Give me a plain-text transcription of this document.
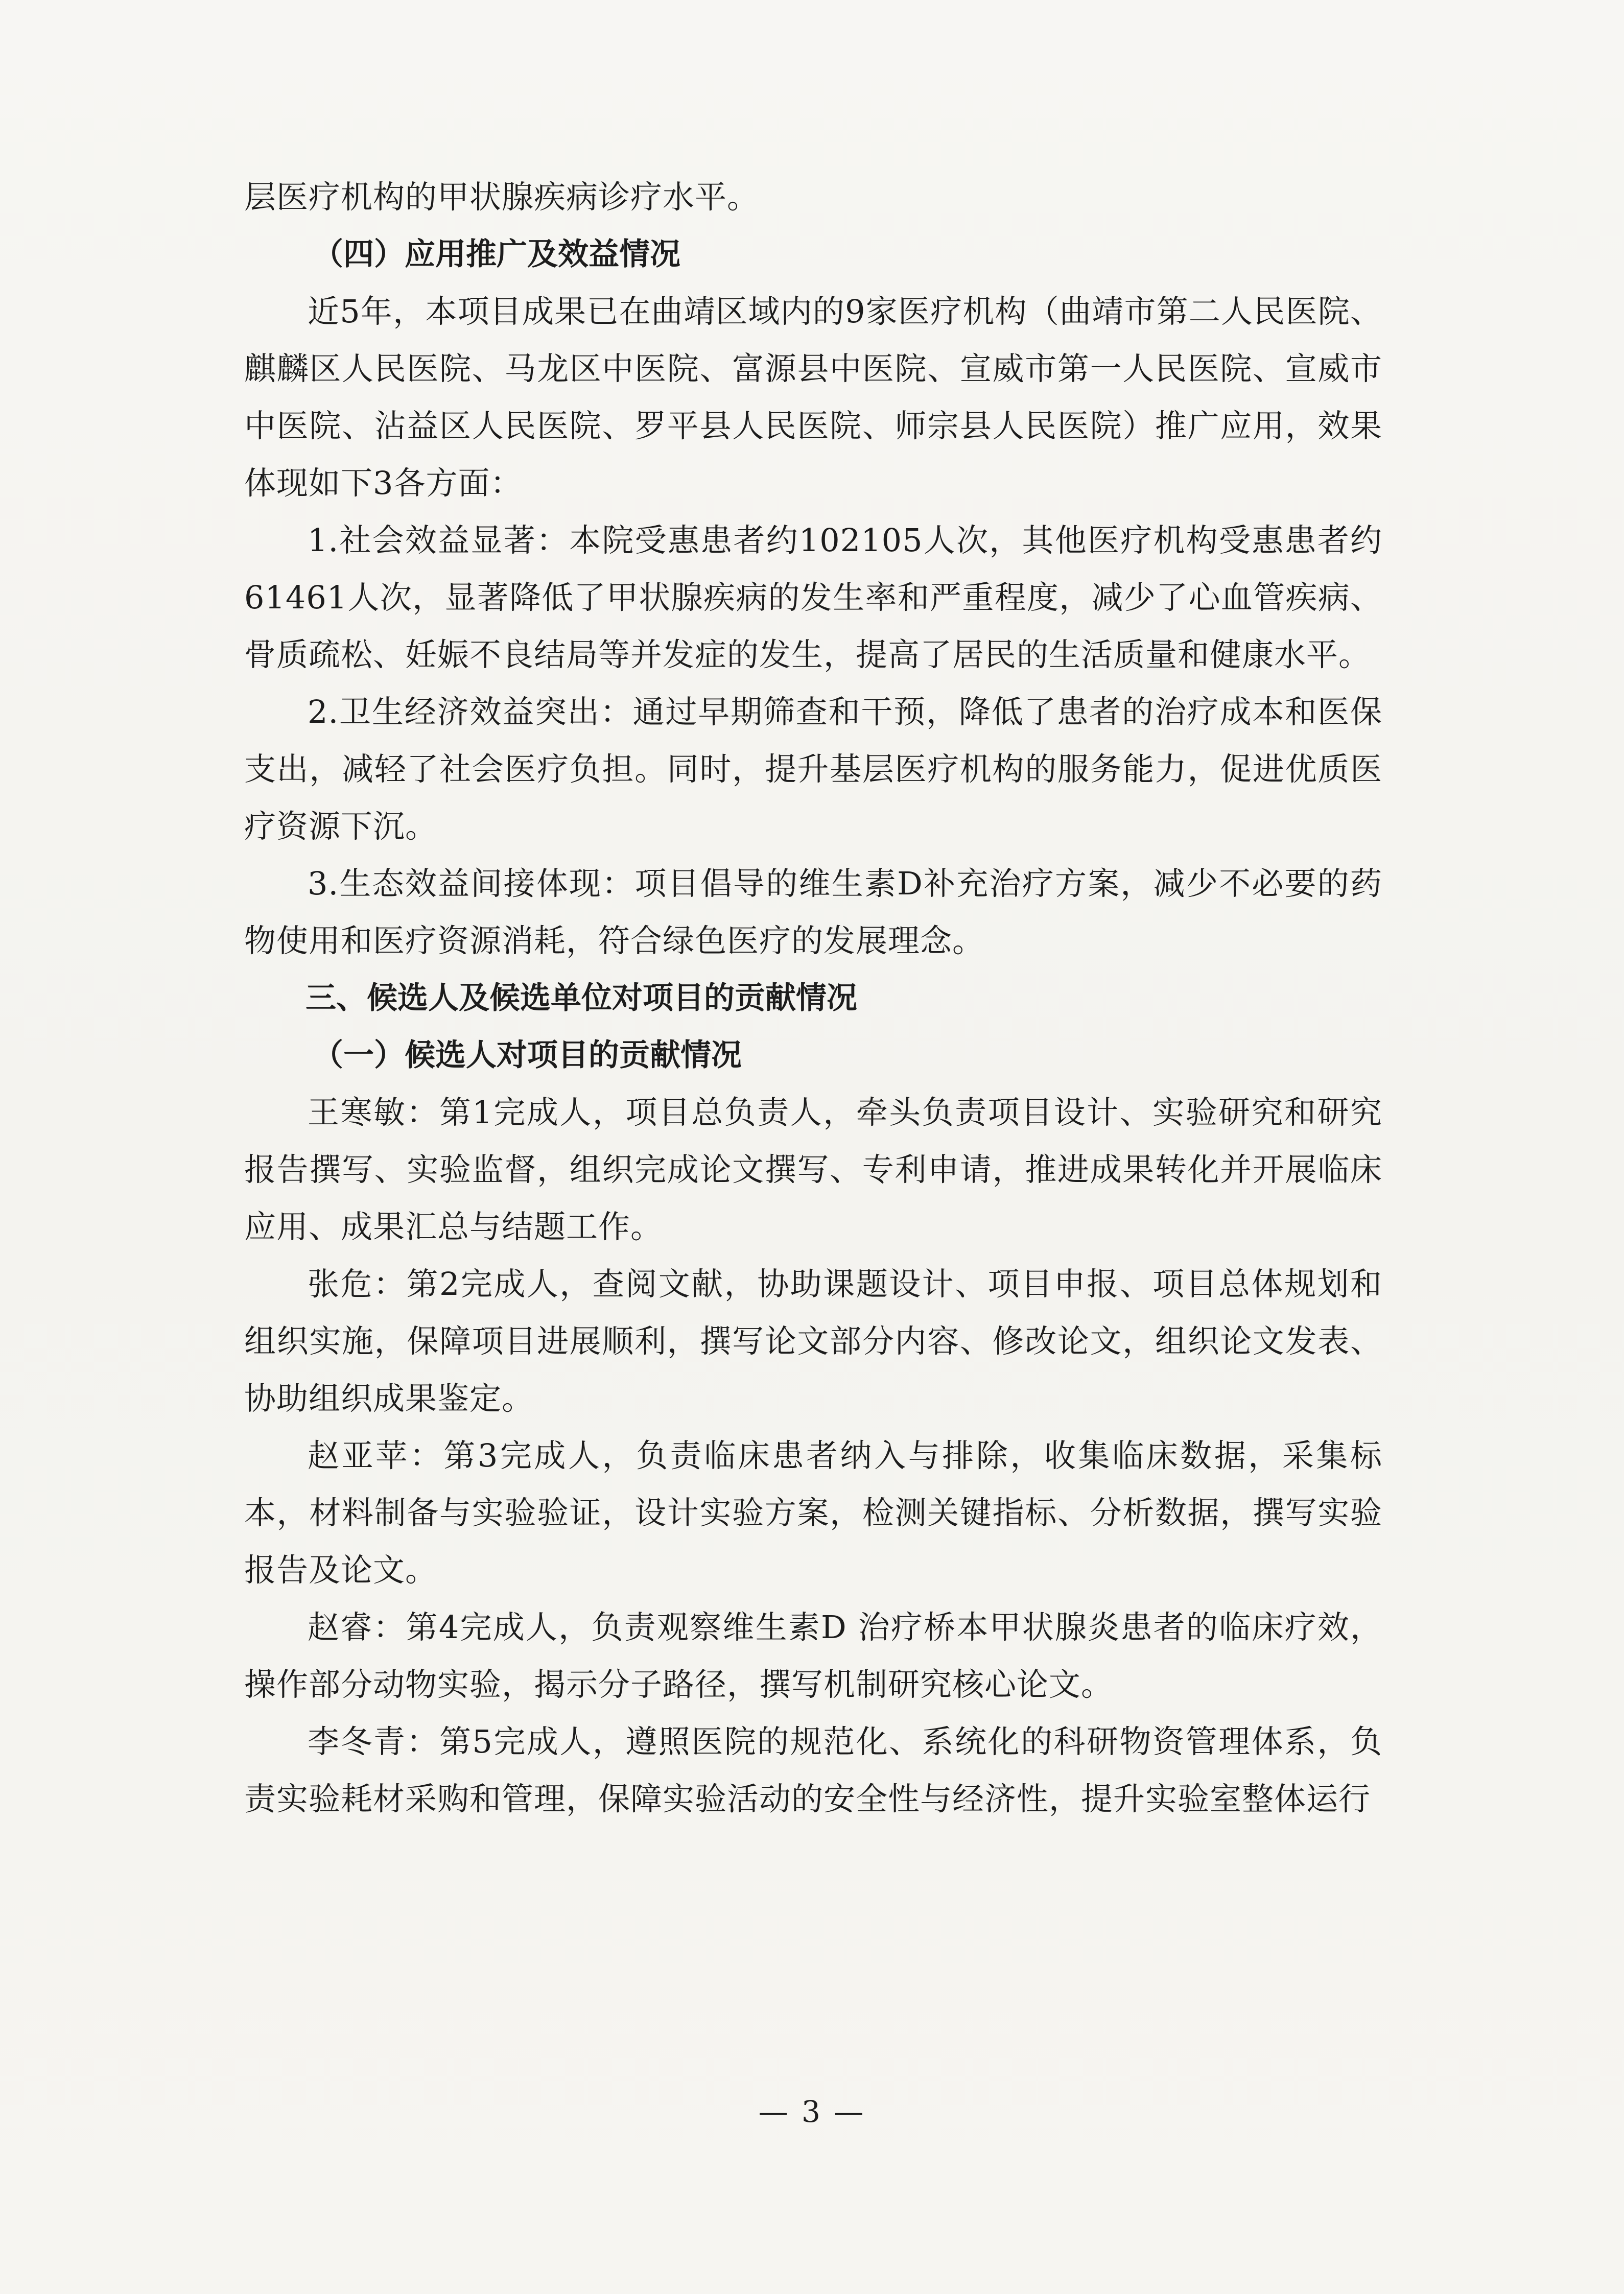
层医疗机构的甲状腺疾病诊疗水平。

（四）应用推广及效益情况

近5年，本项目成果已在曲靖区域内的9家医疗机构（曲靖市第二人民医院、麒麟区人民医院、马龙区中医院、富源县中医院、宣威市第一人民医院、宣威市中医院、沾益区人民医院、罗平县人民医院、师宗县人民医院）推广应用，效果体现如下3各方面：

1.社会效益显著：本院受惠患者约102105人次，其他医疗机构受惠患者约61461人次，显著降低了甲状腺疾病的发生率和严重程度，减少了心血管疾病、骨质疏松、妊娠不良结局等并发症的发生，提高了居民的生活质量和健康水平。

2.卫生经济效益突出：通过早期筛查和干预，降低了患者的治疗成本和医保支出，减轻了社会医疗负担。同时，提升基层医疗机构的服务能力，促进优质医疗资源下沉。

3.生态效益间接体现：项目倡导的维生素D补充治疗方案，减少不必要的药物使用和医疗资源消耗，符合绿色医疗的发展理念。

三、候选人及候选单位对项目的贡献情况

（一）候选人对项目的贡献情况

王寒敏：第1完成人，项目总负责人，牵头负责项目设计、实验研究和研究报告撰写、实验监督，组织完成论文撰写、专利申请，推进成果转化并开展临床应用、成果汇总与结题工作。

张危：第2完成人，查阅文献，协助课题设计、项目申报、项目总体规划和组织实施，保障项目进展顺利，撰写论文部分内容、修改论文，组织论文发表、协助组织成果鉴定。

赵亚苹：第3完成人，负责临床患者纳入与排除，收集临床数据，采集标本，材料制备与实验验证，设计实验方案，检测关键指标、分析数据，撰写实验报告及论文。

赵睿：第4完成人，负责观察维生素D 治疗桥本甲状腺炎患者的临床疗效，操作部分动物实验，揭示分子路径，撰写机制研究核心论文。

李冬青：第5完成人，遵照医院的规范化、系统化的科研物资管理体系，负责实验耗材采购和管理，保障实验活动的安全性与经济性，提升实验室整体运行

— 3 —
